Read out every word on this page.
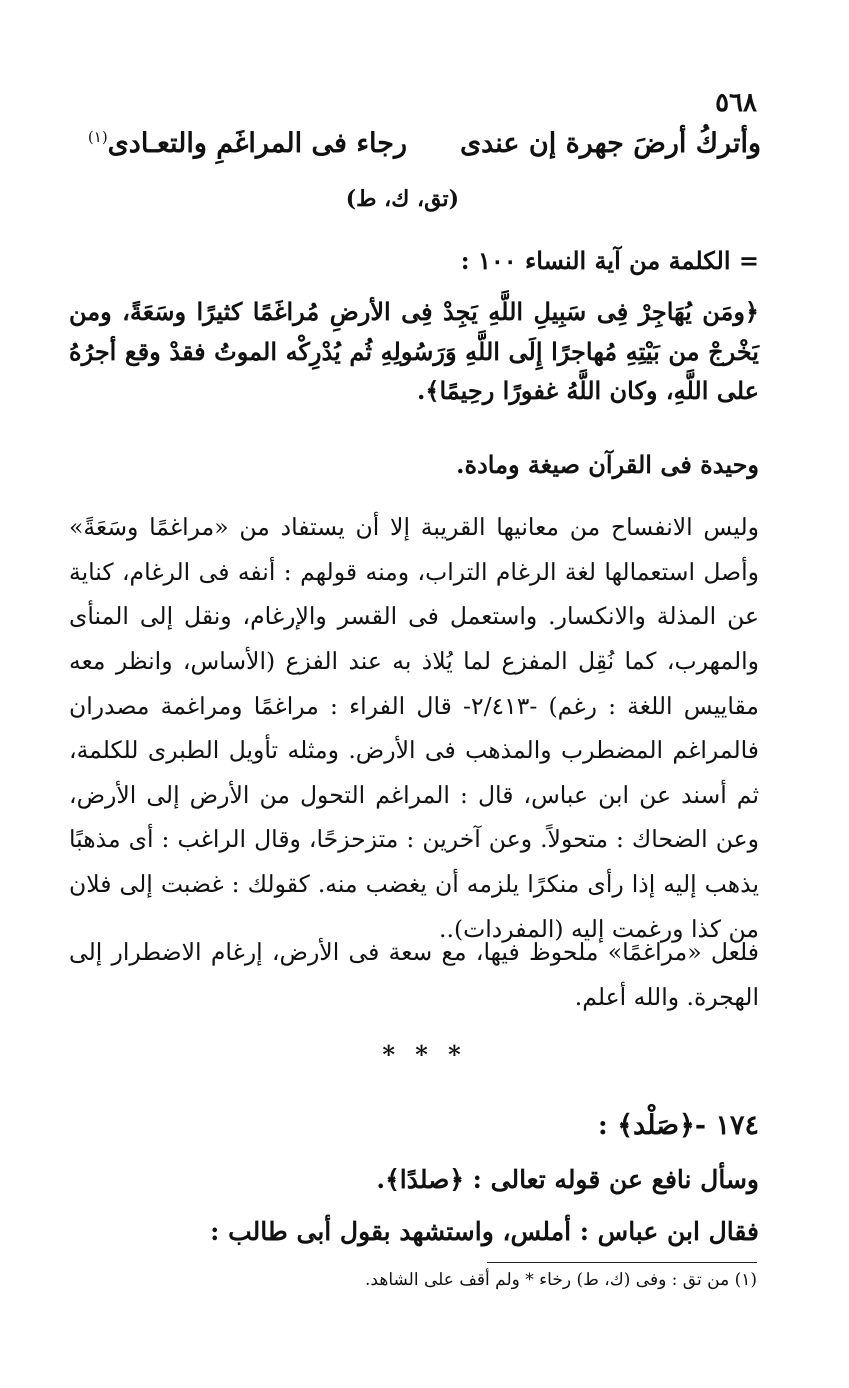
٥٦٨
وأتركُ أرضَ جهرة إن عندىرجاء فى المراغَمِ والتعـادى$^{(١)}$
(تق، ك، ط)
= الكلمة من آية النساء ١٠٠ :
﴿ومَن يُهَاجِرْ فِى سَبِيلِ اللَّهِ يَجِدْ فِى الأرضِ مُراغَمًا كثيرًا وسَعَةً، ومن يَخْرجْ من بَيْتِهِ مُهاجرًا إِلَى اللَّهِ وَرَسُولِهِ ثُم يُدْرِكْه الموتُ فقدْ وقع أجرُهُ على اللَّهِ، وكان اللَّهُ غفورًا رحِيمًا﴾.
وحيدة فى القرآن صيغة ومادة.
وليس الانفساح من معانيها القريبة إلا أن يستفاد من «مراغمًا وسَعَةً» وأصل استعمالها لغة الرغام التراب، ومنه قولهم : أنفه فى الرغام، كناية عن المذلة والانكسار. واستعمل فى القسر والإرغام، ونقل إلى المنأى والمهرب، كما نُقِل المفزع لما يُلاذ به عند الفزع (الأساس، وانظر معه مقاييس اللغة : رغم) -٢/٤١٣- قال الفراء : مراغمًا ومراغمة مصدران فالمراغم المضطرب والمذهب فى الأرض. ومثله تأويل الطبرى للكلمة، ثم أسند عن ابن عباس، قال : المراغم التحول من الأرض إلى الأرض، وعن الضحاك : متحولاً. وعن آخرين : متزحزحًا، وقال الراغب : أى مذهبًا يذهب إليه إذا رأى منكرًا يلزمه أن يغضب منه. كقولك : غضبت إلى فلان من كذا ورغمت إليه (المفردات)..
فلعل «مراغمًا» ملحوظ فيها، مع سعة فى الأرض، إرغام الاضطرار إلى الهجرة. والله أعلم.
* * *
١٧٤ -﴿صَلْد﴾ :
وسأل نافع عن قوله تعالى : ﴿صلدًا﴾.
فقال ابن عباس : أملس، واستشهد بقول أبى طالب :
(١) من تق : وفى (ك، ط) رخاء * ولم أقف على الشاهد.
